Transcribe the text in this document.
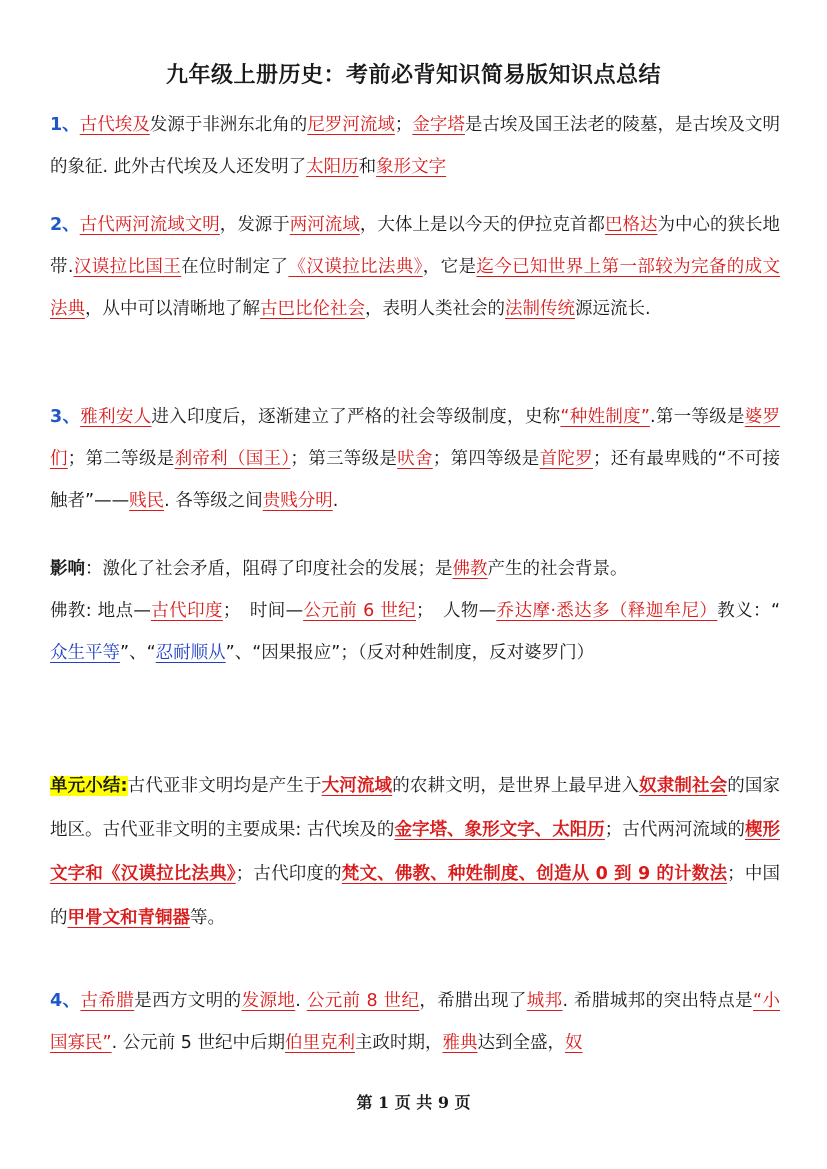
九年级上册历史：考前必背知识简易版知识点总结
1、古代埃及发源于非洲东北角的尼罗河流域；金字塔是古埃及国王法老的陵墓，是古埃及文明的象征. 此外古代埃及人还发明了太阳历和象形文字
2、古代两河流域文明，发源于两河流域，大体上是以今天的伊拉克首都巴格达为中心的狭长地带.汉谟拉比国王在位时制定了《汉谟拉比法典》，它是迄今已知世界上第一部较为完备的成文法典，从中可以清晰地了解古巴比伦社会，表明人类社会的法制传统源远流长.
3、雅利安人进入印度后，逐渐建立了严格的社会等级制度，史称“种姓制度”.第一等级是婆罗们；第二等级是刹帝利（国王）；第三等级是吠舍；第四等级是首陀罗；还有最卑贱的“不可接触者”——贱民. 各等级之间贵贱分明.
影响：激化了社会矛盾，阻碍了印度社会的发展；是佛教产生的社会背景。
佛教: 地点—古代印度；　时间—公元前 6 世纪；　人物—乔达摩·悉达多（释迦牟尼）教义：“ 众生平等”、“忍耐顺从”、“因果报应”；（反对种姓制度，反对婆罗门）
单元小结:古代亚非文明均是产生于大河流域的农耕文明，是世界上最早进入奴隶制社会的国家地区。古代亚非文明的主要成果: 古代埃及的金字塔、象形文字、太阳历；古代两河流域的楔形文字和《汉谟拉比法典》；古代印度的梵文、佛教、种姓制度、创造从 0 到 9 的计数法；中国的甲骨文和青铜器等。
4、古希腊是西方文明的发源地. 公元前 8 世纪，希腊出现了城邦. 希腊城邦的突出特点是“小国寡民”. 公元前 5 世纪中后期伯里克利主政时期，雅典达到全盛，奴
第 1 页 共 9 页
